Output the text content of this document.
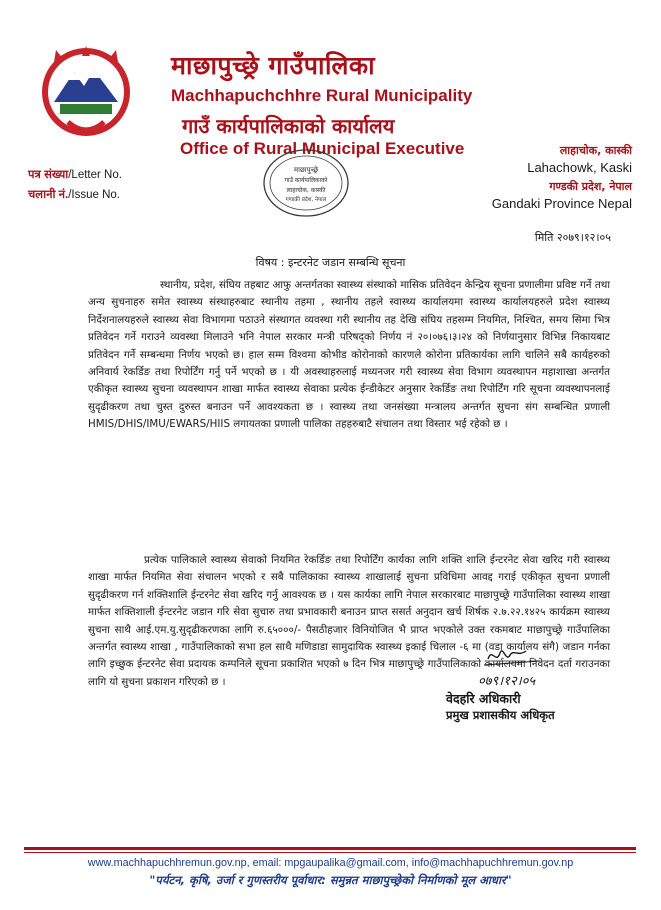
माछापुच्छ्रे गाउँपालिका
Machhapuchchhre Rural Municipality
गाउँ कार्यपालिकाको कार्यालय
Office of Rural Municipal Executive
पत्र संख्या/Letter No.
चलानी नं./Issue No.
माछापुच्छ्रे
गाउँ कार्यपालिकाको
लाहाचोक, कास्की
गण्डकी प्रदेश, नेपाल
लाहाचोक, कास्की
Lahachowk, Kaski
गण्डकी प्रदेश, नेपाल
Gandaki Province Nepal
मिति २०७९।१२।०५
विषय : इन्टरनेट जडान सम्बन्धि सूचना
स्थानीय, प्रदेश, संघिय तहबाट आफु अन्तर्गतका स्वास्थ्य संस्थाको मासिक प्रतिवेदन केन्द्रिय सूचना प्रणालीमा प्रविष्ट गर्ने तथा अन्य सुचनाहरु समेत स्वास्थ्य संस्थाहरुबाट स्थानीय तहमा , स्थानीय तहले स्वास्थ्य कार्यालयमा स्वास्थ्य कार्यालयहरुले प्रदेश स्वास्थ्य निर्देशनालयहरुले स्वास्थ्य सेवा विभागमा पठाउने संस्थागत व्यवस्था गरी स्थानीय तह देखि संघिय तहसम्म नियमित, निश्चित, समय सिमा भित्र प्रतिवेदन गर्ने गराउने व्यवस्था मिलाउने भनि नेपाल सरकार मन्त्री परिषद्को निर्णय नं २०।०७६।३।२४ को निर्णयानुसार विभिन्न निकायबाट प्रतिवेदन गर्ने सम्बन्धमा निर्णय भएको छ। हाल सम्म विश्वमा कोभीड कोरोनाको कारणले कोरोना प्रतिकार्यका लागि चालिने सबै कार्यहरुको अनिवार्य रेकर्डिङ तथा रिपोर्टिंग गर्नु पर्ने भएको छ । यी अवस्थाहरुलाई मध्यनजर गरी स्वास्थ्य सेवा विभाग व्यवस्थापन महाशाखा अन्तर्गत एकीकृत स्वास्थ्य सुचना व्यवस्थापन शाखा मार्फत स्वास्थ्य सेवाका प्रत्येक ईन्डीकेटर अनुसार रेकर्डिङ तथा रिपोर्टिंग गरि सूचना व्यवस्थापनलाई सुदृढीकरण तथा चुस्त दुरुस्त बनाउन पर्ने आवश्यकता छ । स्वास्थ्य तथा जनसंख्या मन्त्रालय अन्तर्गत सुचना संग सम्बन्धित प्रणाली HMIS/DHIS/IMU/EWARS/HIIS लगायतका प्रणाली पालिका तहहरुबाटै संचालन तथा विस्तार भई रहेको छ ।
प्रत्येक पालिकाले स्वास्थ्य सेवाको नियमित रेकर्डिङ तथा रिपोर्टिंग कार्यका लागि शक्ति शालि ईन्टरनेट सेवा खरिद गरी स्वास्थ्य शाखा मार्फत नियमित सेवा संचालन भएको र सबै पालिकाका स्वास्थ्य शाखालाई सुचना प्रविधिमा आवद्द गराई एकीकृत सुचना प्रणाली सुदृढीकरण गर्न शक्तिशालि ईन्टरनेट सेवा खरिद गर्नु आवश्यक छ । यस कार्यका लागि नेपाल सरकारबाट माछापुच्छ्रे गाउँपालिका स्वास्थ्य शाखा मार्फत शक्तिशाली ईन्टरनेट जडान गरि सेवा सुचारु तथा प्रभावकारी बनाउन प्राप्त ससर्त अनुदान खर्च शिर्षक २.७.२२.१४२५ कार्यक्रम स्वास्थ्य सुचना साथै आई.एम.यु.सुदृढीकरणका लागि रु.६५०००/- पैसठीहजार विनियोजित भै प्राप्त भएकोले उक्त रकमबाट माछापुच्छ्रे गाउँपालिका अन्तर्गत स्वास्थ्य शाखा , गाउँपालिकाको सभा हल साथै मणिडाडा सामुदायिक स्वास्थ्य इकाई चिलाल -६ मा (वडा कार्यालय संगै) जडान गर्नका लागि इच्छुक ईन्टरनेट सेवा प्रदायक कम्पनिले सूचना प्रकाशित भएको ७ दिन भित्र माछापुच्छ्रे गाउँपालिकाको कार्यालयमा निवेदन दर्ता गराउनका लागि यो सुचना प्रकाशन गरिएको छ ।	०७९।१२।०५
वेदहरि अधिकारी
प्रमुख प्रशासकीय अधिकृत
www.machhapuchhremun.gov.np, email: mpgaupalika@gmail.com, info@machhapuchhremun.gov.np
"पर्यटन, कृषि, उर्जा र गुणस्तरीय पूर्वाधार: समुन्नत माछापुच्छ्रेको निर्माणको मूल आधार"
